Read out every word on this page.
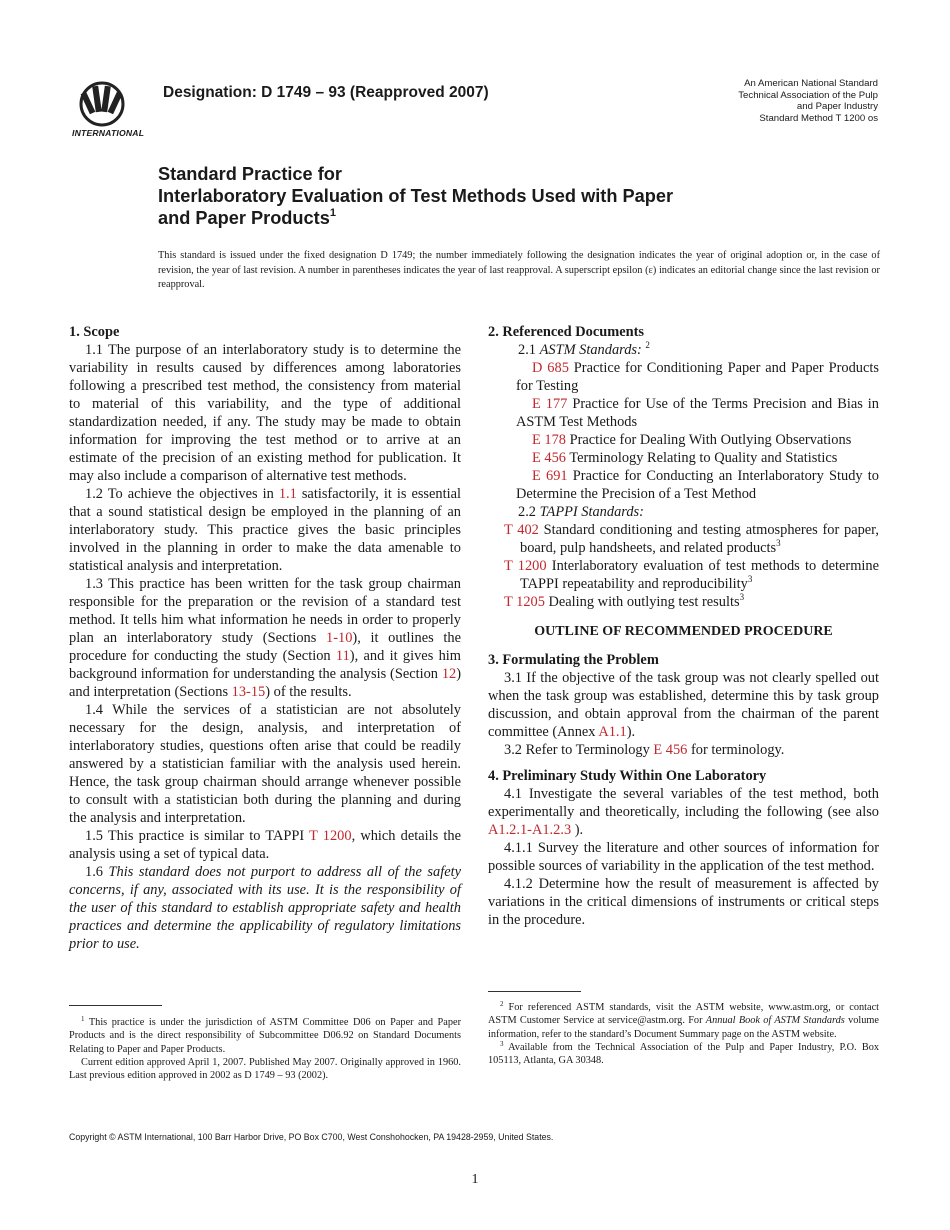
INTERNATIONAL
Designation: D 1749 – 93 (Reapproved 2007)
An American National Standard
Technical Association of the Pulp
and Paper Industry
Standard Method T 1200 os
Standard Practice for
Interlaboratory Evaluation of Test Methods Used with Paper
and Paper Products$^1$
This standard is issued under the fixed designation D 1749; the number immediately following the designation indicates the year of original adoption or, in the case of revision, the year of last revision. A number in parentheses indicates the year of last reapproval. A superscript epsilon (ε) indicates an editorial change since the last revision or reapproval.

1. Scope

1.1 The purpose of an interlaboratory study is to determine the variability in results caused by differences among laboratories following a prescribed test method, the consistency from material to material of this variability, and the type of additional standardization needed, if any. The study may be made to obtain information for improving the test method or to arrive at an estimate of the precision of an existing method for publication. It may also include a comparison of alternative test methods.

1.2 To achieve the objectives in 1.1 satisfactorily, it is essential that a sound statistical design be employed in the planning of an interlaboratory study. This practice gives the basic principles involved in the planning in order to make the data amenable to statistical analysis and interpretation.

1.3 This practice has been written for the task group chairman responsible for the preparation or the revision of a standard test method. It tells him what information he needs in order to properly plan an interlaboratory study (Sections 1-10), it outlines the procedure for conducting the study (Section 11), and it gives him background information for understanding the analysis (Section 12) and interpretation (Sections 13-15) of the results.

1.4 While the services of a statistician are not absolutely necessary for the design, analysis, and interpretation of interlaboratory studies, questions often arise that could be readily answered by a statistician familiar with the analysis used herein. Hence, the task group chairman should arrange whenever possible to consult with a statistician both during the planning and during the analysis and interpretation.

1.5 This practice is similar to TAPPI T 1200, which details the analysis using a set of typical data.

1.6 This standard does not purport to address all of the safety concerns, if any, associated with its use. It is the responsibility of the user of this standard to establish appropriate safety and health practices and determine the applicability of regulatory limitations prior to use.

2. Referenced Documents

2.1 ASTM Standards: $^2$

D 685 Practice for Conditioning Paper and Paper Products for Testing

E 177 Practice for Use of the Terms Precision and Bias in ASTM Test Methods

E 178 Practice for Dealing With Outlying Observations

E 456 Terminology Relating to Quality and Statistics

E 691 Practice for Conducting an Interlaboratory Study to Determine the Precision of a Test Method

2.2 TAPPI Standards:

T 402 Standard conditioning and testing atmospheres for paper, board, pulp handsheets, and related products$^3$

T 1200 Interlaboratory evaluation of test methods to determine TAPPI repeatability and reproducibility$^3$

T 1205 Dealing with outlying test results$^3$

OUTLINE OF RECOMMENDED PROCEDURE

3. Formulating the Problem

3.1 If the objective of the task group was not clearly spelled out when the task group was established, determine this by task group discussion, and obtain approval from the chairman of the parent committee (Annex A1.1).

3.2 Refer to Terminology E 456 for terminology.

4. Preliminary Study Within One Laboratory

4.1 Investigate the several variables of the test method, both experimentally and theoretically, including the following (see also A1.2.1-A1.2.3 ).

4.1.1 Survey the literature and other sources of information for possible sources of variability in the application of the test method.

4.1.2 Determine how the result of measurement is affected by variations in the critical dimensions of instruments or critical steps in the procedure.

$^1$ This practice is under the jurisdiction of ASTM Committee D06 on Paper and Paper Products and is the direct responsibility of Subcommittee D06.92 on Standard Documents Relating to Paper and Paper Products.

Current edition approved April 1, 2007. Published May 2007. Originally approved in 1960. Last previous edition approved in 2002 as D 1749 – 93 (2002).

$^2$ For referenced ASTM standards, visit the ASTM website, www.astm.org, or contact ASTM Customer Service at service@astm.org. For Annual Book of ASTM Standards volume information, refer to the standard’s Document Summary page on the ASTM website.

$^3$ Available from the Technical Association of the Pulp and Paper Industry, P.O. Box 105113, Atlanta, GA 30348.

Copyright © ASTM International, 100 Barr Harbor Drive, PO Box C700, West Conshohocken, PA 19428-2959, United States.
1
